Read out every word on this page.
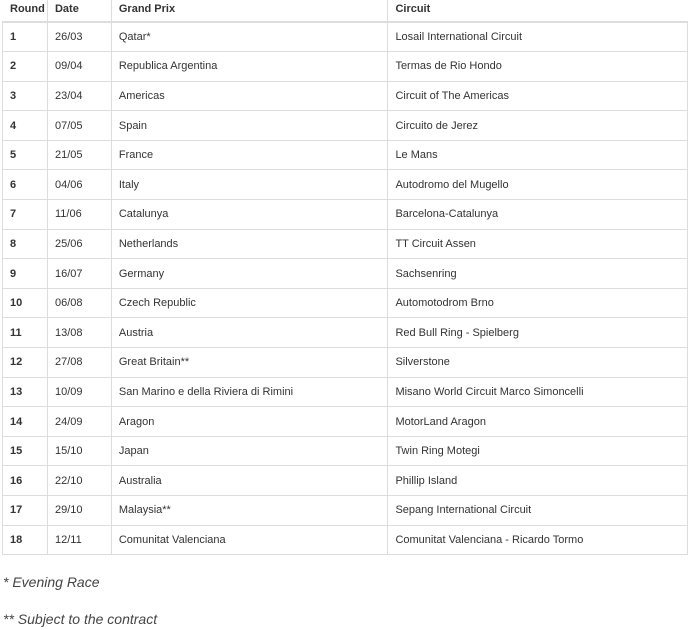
Round	Date	Grand Prix	Circuit
1	26/03	Qatar*	Losail International Circuit
2	09/04	Republica Argentina	Termas de Rio Hondo
3	23/04	Americas	Circuit of The Americas
4	07/05	Spain	Circuito de Jerez
5	21/05	France	Le Mans
6	04/06	Italy	Autodromo del Mugello
7	11/06	Catalunya	Barcelona-Catalunya
8	25/06	Netherlands	TT Circuit Assen
9	16/07	Germany	Sachsenring
10	06/08	Czech Republic	Automotodrom Brno
11	13/08	Austria	Red Bull Ring - Spielberg
12	27/08	Great Britain**	Silverstone
13	10/09	San Marino e della Riviera di Rimini	Misano World Circuit Marco Simoncelli
14	24/09	Aragon	MotorLand Aragon
15	15/10	Japan	Twin Ring Motegi
16	22/10	Australia	Phillip Island
17	29/10	Malaysia**	Sepang International Circuit
18	12/11	Comunitat Valenciana	Comunitat Valenciana - Ricardo Tormo
* Evening Race
** Subject to the contract
